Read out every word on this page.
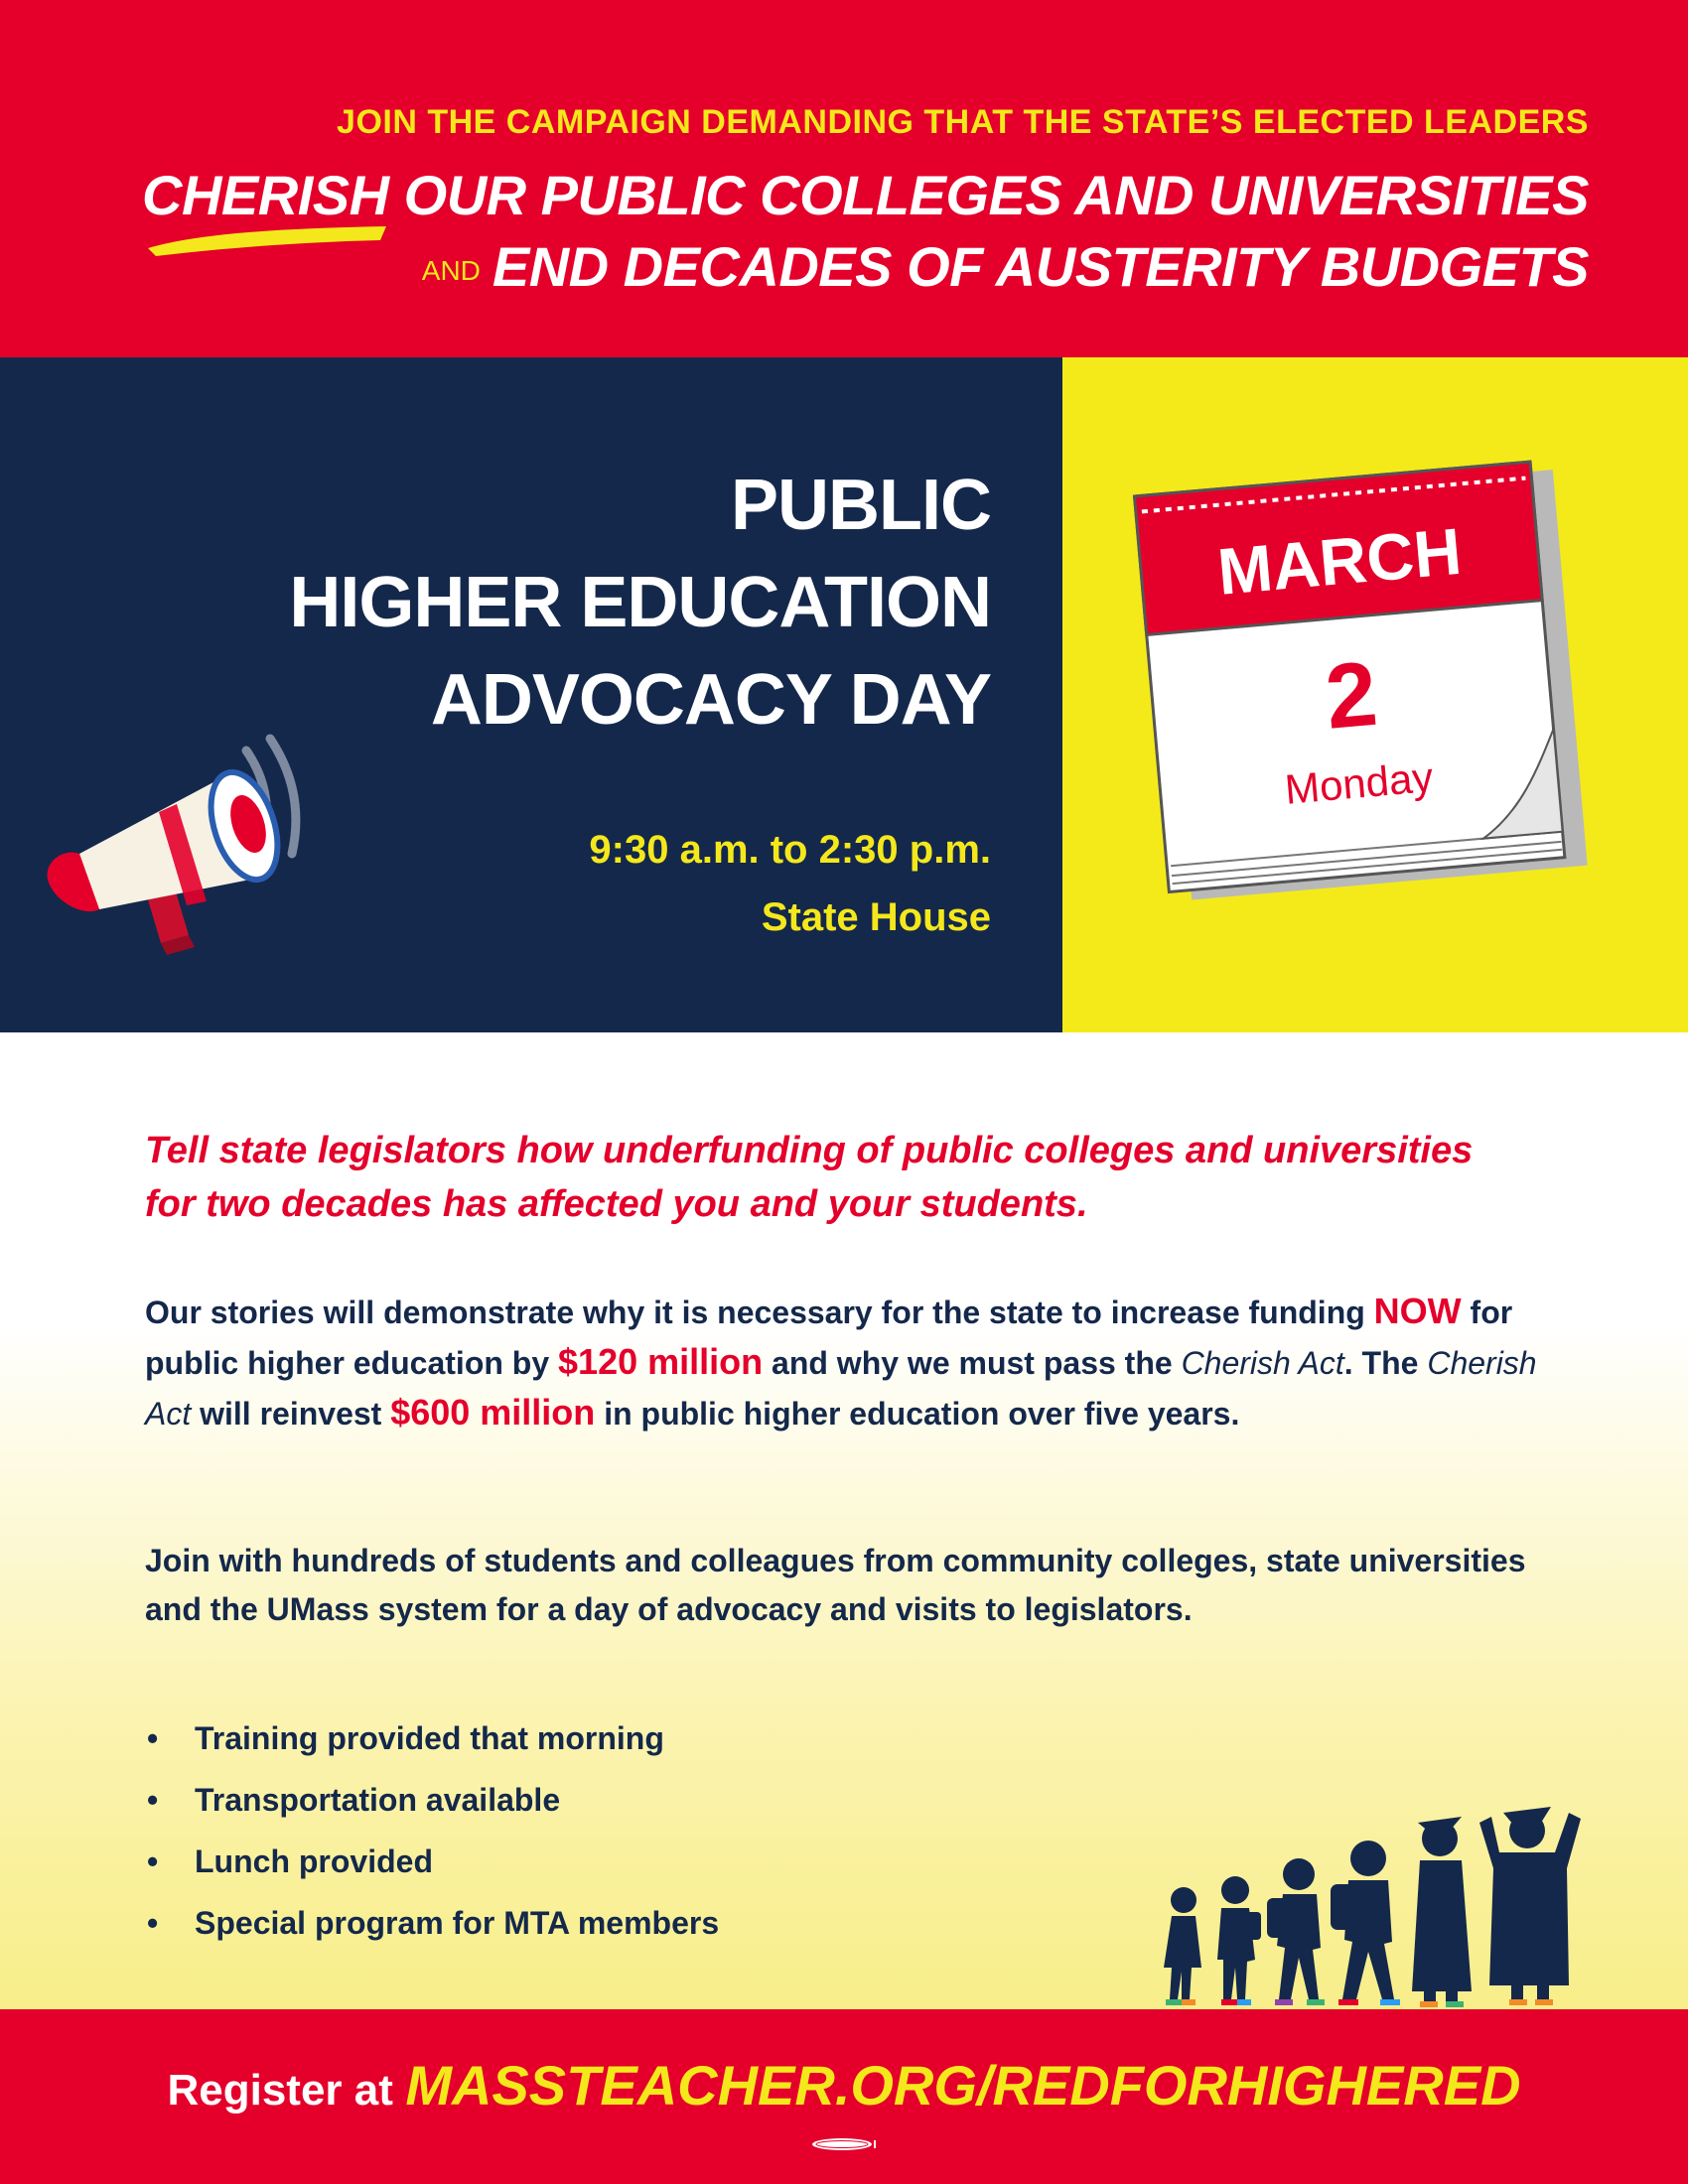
JOIN THE CAMPAIGN DEMANDING THAT THE STATE’S ELECTED LEADERS
CHERISH OUR PUBLIC COLLEGES AND UNIVERSITIES
AND END DECADES OF AUSTERITY BUDGETS
PUBLIC
HIGHER EDUCATION
ADVOCACY DAY
9:30 a.m. to 2:30 p.m.
State House
MARCH
2
Monday
Tell state legislators how underfunding of public colleges and universities for two decades has affected you and your students.

Our stories will demonstrate why it is necessary for the state to increase funding NOW for public higher education by $120 million and why we must pass the Cherish Act. The Cherish Act will reinvest $600 million in public higher education over five years.

Join with hundreds of students and colleagues from community colleges, state universities and the UMass system for a day of advocacy and visits to legislators.

• Training provided that morning
• Transportation available
• Lunch provided
• Special program for MTA members
Register at MASSTEACHER.ORG/REDFORHIGHERED
